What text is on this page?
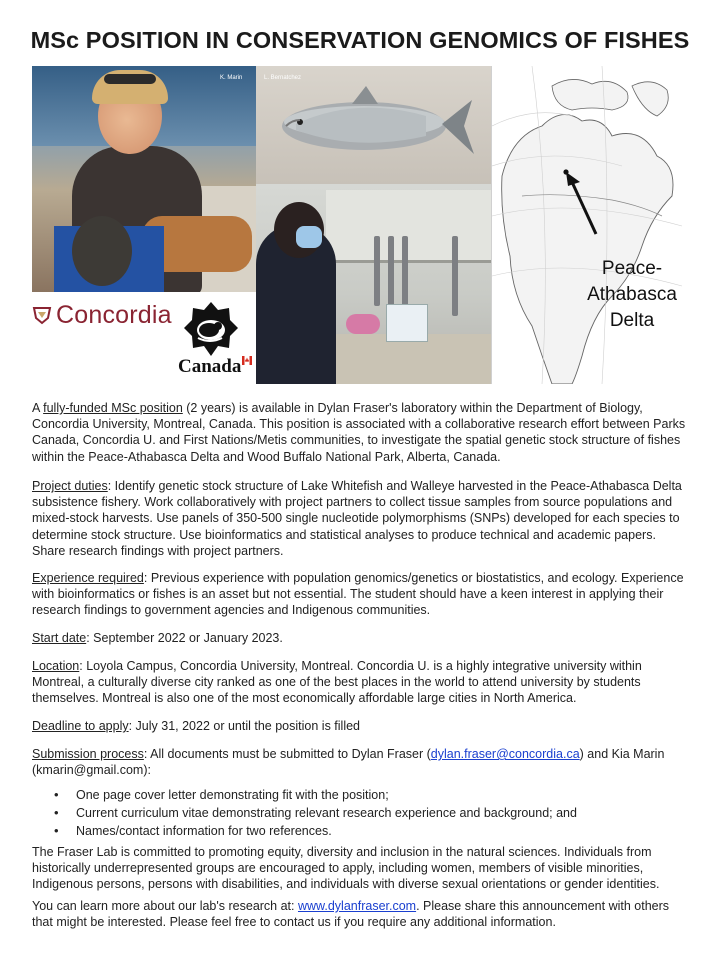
MSc POSITION IN CONSERVATION GENOMICS OF FISHES
K. Marin	L. Bernatchez
Peace-
Athabasca
Delta
Concordia
Canada
A fully-funded MSc position (2 years) is available in Dylan Fraser's laboratory within the Department of Biology, Concordia University, Montreal, Canada. This position is associated with a collaborative research effort between Parks Canada, Concordia U. and First Nations/Metis communities, to investigate the spatial genetic stock structure of fishes within the Peace-Athabasca Delta and Wood Buffalo National Park, Alberta, Canada.
Project duties: Identify genetic stock structure of Lake Whitefish and Walleye harvested in the Peace-Athabasca Delta subsistence fishery. Work collaboratively with project partners to collect tissue samples from source populations and mixed-stock harvests. Use panels of 350-500 single nucleotide polymorphisms (SNPs) developed for each species to determine stock structure. Use bioinformatics and statistical analyses to produce technical and academic papers. Share research findings with project partners.
Experience required: Previous experience with population genomics/genetics or biostatistics, and ecology. Experience with bioinformatics or fishes is an asset but not essential. The student should have a keen interest in applying their research findings to government agencies and Indigenous communities.
Start date: September 2022 or January 2023.
Location: Loyola Campus, Concordia University, Montreal. Concordia U. is a highly integrative university within Montreal, a culturally diverse city ranked as one of the best places in the world to attend university by students themselves. Montreal is also one of the most economically affordable large cities in North America.
Deadline to apply: July 31, 2022 or until the position is filled
Submission process: All documents must be submitted to Dylan Fraser (dylan.fraser@concordia.ca) and Kia Marin (kmarin@gmail.com):
• One page cover letter demonstrating fit with the position;
• Current curriculum vitae demonstrating relevant research experience and background; and
• Names/contact information for two references.
The Fraser Lab is committed to promoting equity, diversity and inclusion in the natural sciences. Individuals from historically underrepresented groups are encouraged to apply, including women, members of visible minorities, Indigenous persons, persons with disabilities, and individuals with diverse sexual orientations or gender identities.
You can learn more about our lab's research at: www.dylanfraser.com. Please share this announcement with others that might be interested. Please feel free to contact us if you require any additional information.
